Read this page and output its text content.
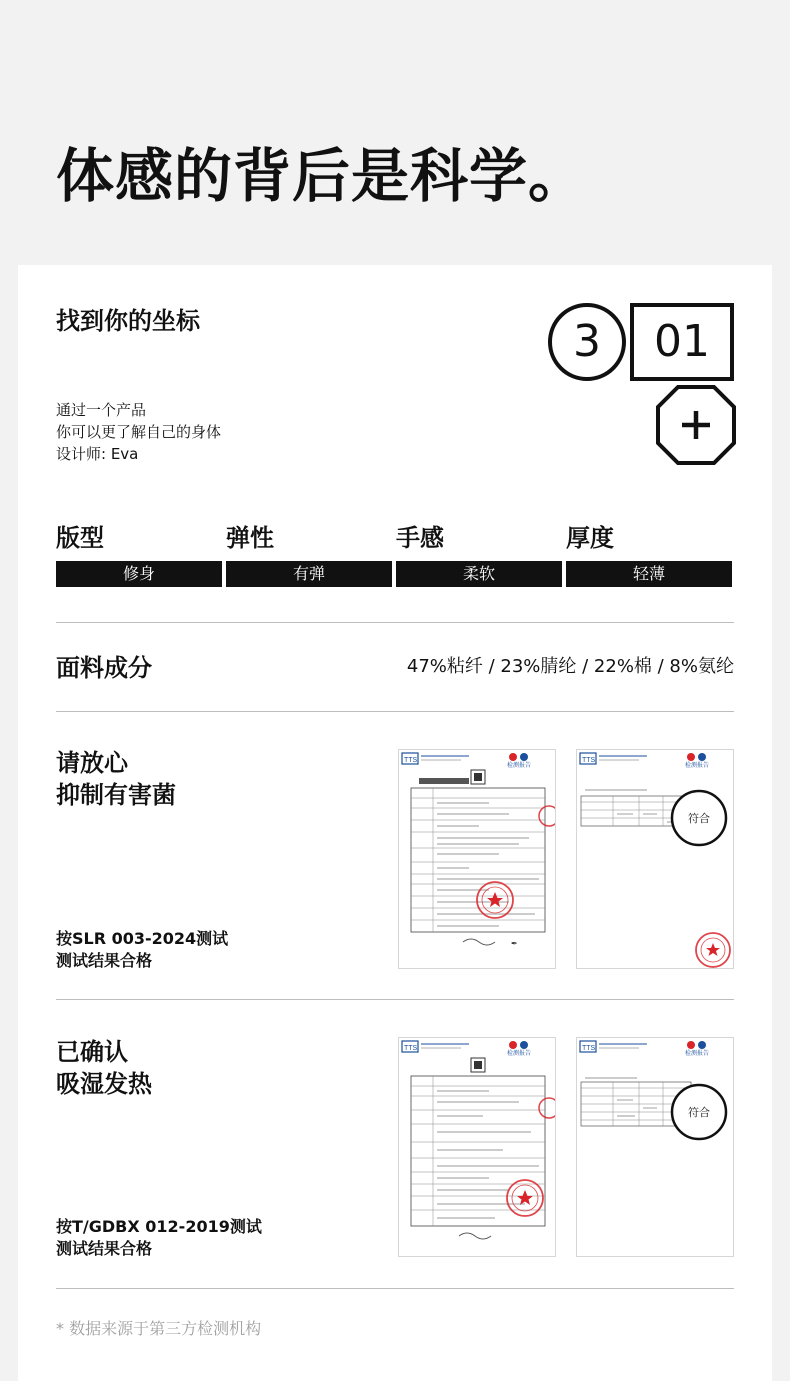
体感的背后是科学。
找到你的坐标
通过一个产品
你可以更了解自己的身体
设计师: Eva
3	01
版型	弹性	手感	厚度
修身	有弹	柔软	轻薄
面料成分	47%粘纤 / 23%腈纶 / 22%棉 / 8%氨纶
请放心
抑制有害菌
按SLR 003-2024测试
测试结果合格
TTS
检测报告
✒
TTS
检测报告
符合
已确认
吸湿发热
按T/GDBX 012-2019测试
测试结果合格
TTS
检测报告
TTS
检测报告
符合
* 数据来源于第三方检测机构
